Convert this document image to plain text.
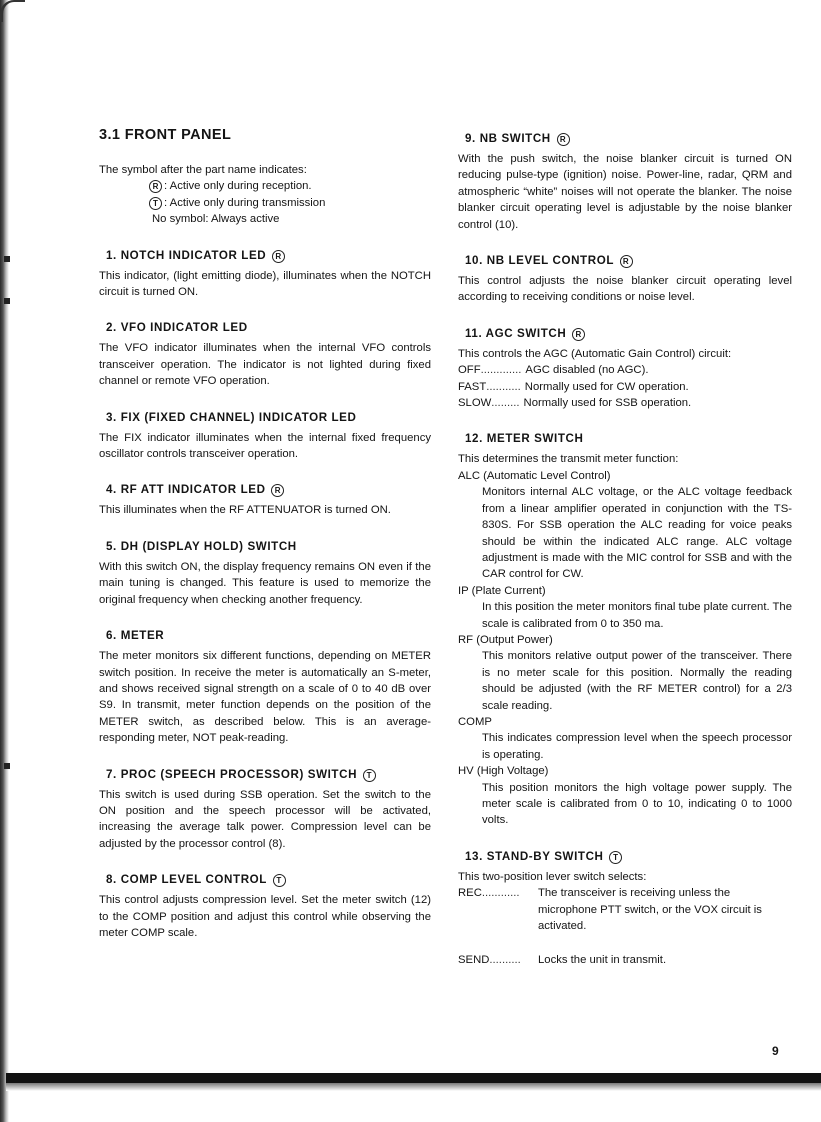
3.1 FRONT PANEL

The symbol after the part name indicates:

R : Active only during reception.
T : Active only during transmission
No symbol: Always active
1. NOTCH INDICATOR LED R

This indicator, (light emitting diode), illuminates when the NOTCH circuit is turned ON.

2. VFO INDICATOR LED

The VFO indicator illuminates when the internal VFO controls transceiver operation. The indicator is not lighted during fixed channel or remote VFO operation.

3. FIX (FIXED CHANNEL) INDICATOR LED

The FIX indicator illuminates when the internal fixed frequency oscillator controls transceiver operation.

4. RF ATT INDICATOR LED R

This illuminates when the RF ATTENUATOR is turned ON.

5. DH (DISPLAY HOLD) SWITCH

With this switch ON, the display frequency remains ON even if the main tuning is changed. This feature is used to memorize the original frequency when checking another frequency.

6. METER

The meter monitors six different functions, depending on METER switch position. In receive the meter is automatically an S-meter, and shows received signal strength on a scale of 0 to 40 dB over S9. In transmit, meter function depends on the position of the METER switch, as described below. This is an average-responding meter, NOT peak-reading.

7. PROC (SPEECH PROCESSOR) SWITCH T

This switch is used during SSB operation. Set the switch to the ON position and the speech processor will be activated, increasing the average talk power. Compression level can be adjusted by the processor control (8).

8. COMP LEVEL CONTROL T

This control adjusts compression level. Set the meter switch (12) to the COMP position and adjust this control while observing the meter COMP scale.

9. NB SWITCH R

With the push switch, the noise blanker circuit is turned ON reducing pulse-type (ignition) noise. Power-line, radar, QRM and atmospheric “white” noises will not operate the blanker. The noise blanker circuit operating level is adjustable by the noise blanker control (10).

10. NB LEVEL CONTROL R

This control adjusts the noise blanker circuit operating level according to receiving conditions or noise level.

11. AGC SWITCH R

This controls the AGC (Automatic Gain Control) circuit:

OFF ............. AGC disabled (no AGC).
FAST ........... Normally used for CW operation.
SLOW ......... Normally used for SSB operation.
12. METER SWITCH

This determines the transmit meter function:

ALC (Automatic Level Control)

Monitors internal ALC voltage, or the ALC voltage feedback from a linear amplifier operated in conjunction with the TS-830S. For SSB operation the ALC reading for voice peaks should be within the indicated ALC range. ALC voltage adjustment is made with the MIC control for SSB and with the CAR control for CW.

IP (Plate Current)

In this position the meter monitors final tube plate current. The scale is calibrated from 0 to 350 ma.

RF (Output Power)

This monitors relative output power of the transceiver. There is no meter scale for this position. Normally the reading should be adjusted (with the RF METER control) for a 2/3 scale reading.

COMP

This indicates compression level when the speech processor is operating.

HV (High Voltage)

This position monitors the high voltage power supply. The meter scale is calibrated from 0 to 10, indicating 0 to 1000 volts.

13. STAND-BY SWITCH T

This two-position lever switch selects:

REC............	The transceiver is receiving unless the microphone PTT switch, or the VOX circuit is activated.
SEND..........	Locks the unit in transmit.
9
